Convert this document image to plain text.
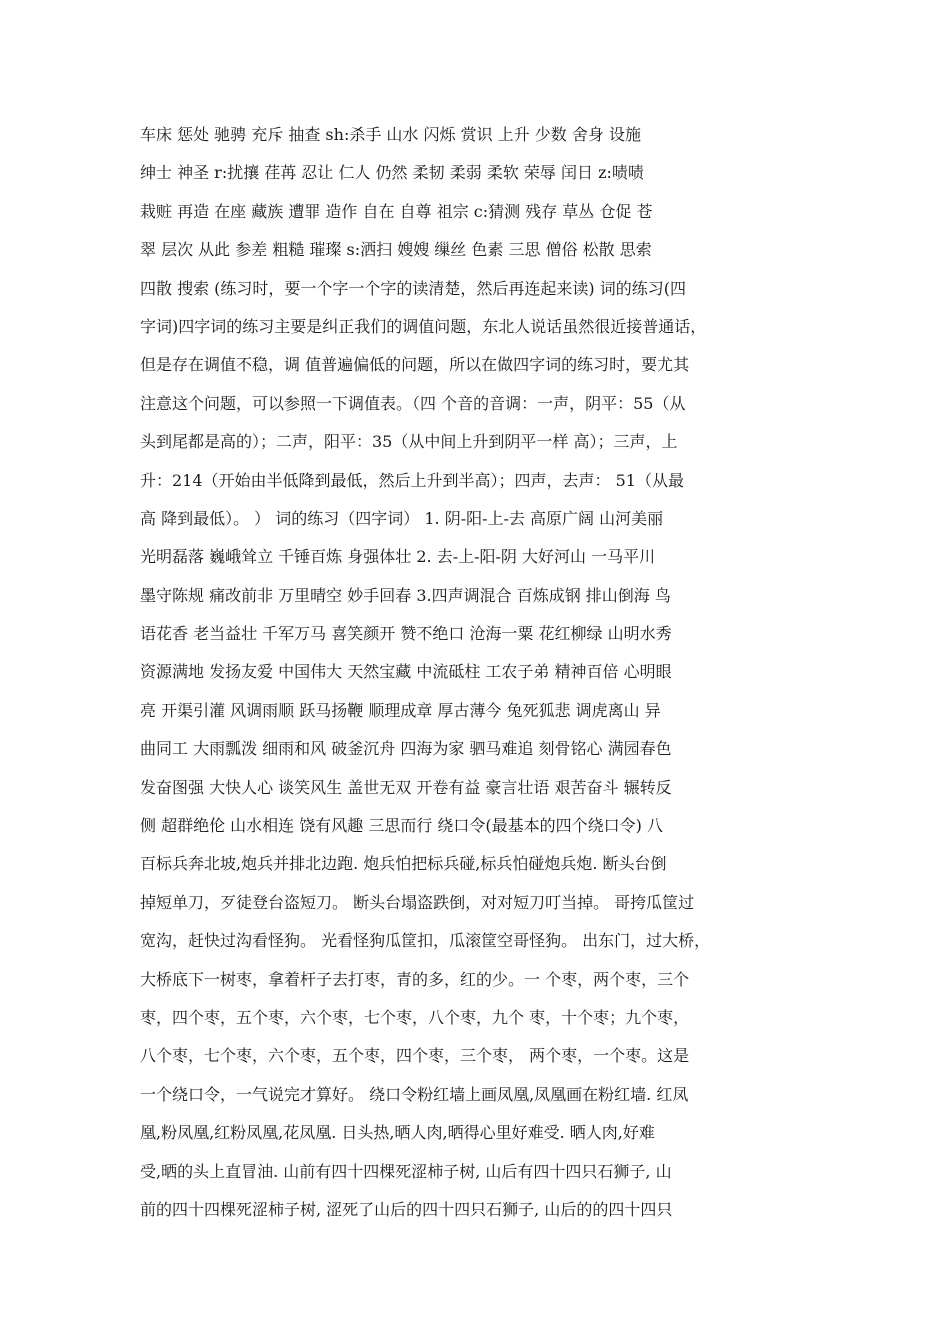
车床 惩处 驰骋 充斥 抽查 sh:杀手 山水 闪烁 赏识 上升 少数 舍身 设施
绅士 神圣 r:扰攘 荏苒 忍让 仁人 仍然 柔韧 柔弱 柔软 荣辱 闰日 z:啧啧
栽赃 再造 在座 藏族 遭罪 造作 自在 自尊 祖宗 c:猜测 残存 草丛 仓促 苍
翠 层次 从此 参差 粗糙 璀璨 s:洒扫 嫂嫂 缫丝 色素 三思 僧俗 松散 思索
四散 搜索 (练习时，要一个字一个字的读清楚，然后再连起来读) 词的练习(四
字词)四字词的练习主要是纠正我们的调值问题，东北人说话虽然很近接普通话，
但是存在调值不稳，调 值普遍偏低的问题，所以在做四字词的练习时，要尤其
注意这个问题，可以参照一下调值表。（四 个音的音调：一声，阴平：55（从
头到尾都是高的）；二声，阳平：35（从中间上升到阴平一样 高）；三声，上
升：214（开始由半低降到最低，然后上升到半高）；四声，去声： 51（从最
高 降到最低）。 ） 词的练习（四字词） 1. 阴-阳-上-去 高原广阔 山河美丽
光明磊落 巍峨耸立 千锤百炼 身强体壮 2. 去-上-阳-阴 大好河山 一马平川
墨守陈规 痛改前非 万里晴空 妙手回春 3.四声调混合 百炼成钢 排山倒海 鸟
语花香 老当益壮 千军万马 喜笑颜开 赞不绝口 沧海一粟 花红柳绿 山明水秀
资源满地 发扬友爱 中国伟大 天然宝藏 中流砥柱 工农子弟 精神百倍 心明眼
亮 开渠引灌 风调雨顺 跃马扬鞭 顺理成章 厚古薄今 兔死狐悲 调虎离山 异
曲同工 大雨瓢泼 细雨和风 破釜沉舟 四海为家 驷马难追 刻骨铭心 满园春色
发奋图强 大快人心 谈笑风生 盖世无双 开卷有益 豪言壮语 艰苦奋斗 辗转反
侧 超群绝伦 山水相连 饶有风趣 三思而行 绕口令(最基本的四个绕口令) 八
百标兵奔北坡,炮兵并排北边跑. 炮兵怕把标兵碰,标兵怕碰炮兵炮. 断头台倒
掉短单刀，歹徒登台盗短刀。 断头台塌盗跌倒，对对短刀叮当掉。 哥挎瓜筐过
宽沟，赶快过沟看怪狗。 光看怪狗瓜筐扣，瓜滚筐空哥怪狗。 出东门，过大桥，
大桥底下一树枣，拿着杆子去打枣，青的多，红的少。一 个枣，两个枣，三个
枣，四个枣，五个枣，六个枣，七个枣，八个枣，九个 枣，十个枣；九个枣，
八个枣，七个枣，六个枣，五个枣，四个枣，三个枣， 两个枣，一个枣。这是
一个绕口令，一气说完才算好。 绕口令粉红墙上画凤凰,凤凰画在粉红墙. 红凤
凰,粉凤凰,红粉凤凰,花凤凰. 日头热,晒人肉,晒得心里好难受. 晒人肉,好难
受,晒的头上直冒油. 山前有四十四棵死涩柿子树, 山后有四十四只石狮子, 山
前的四十四棵死涩柿子树, 涩死了山后的四十四只石狮子, 山后的的四十四只
